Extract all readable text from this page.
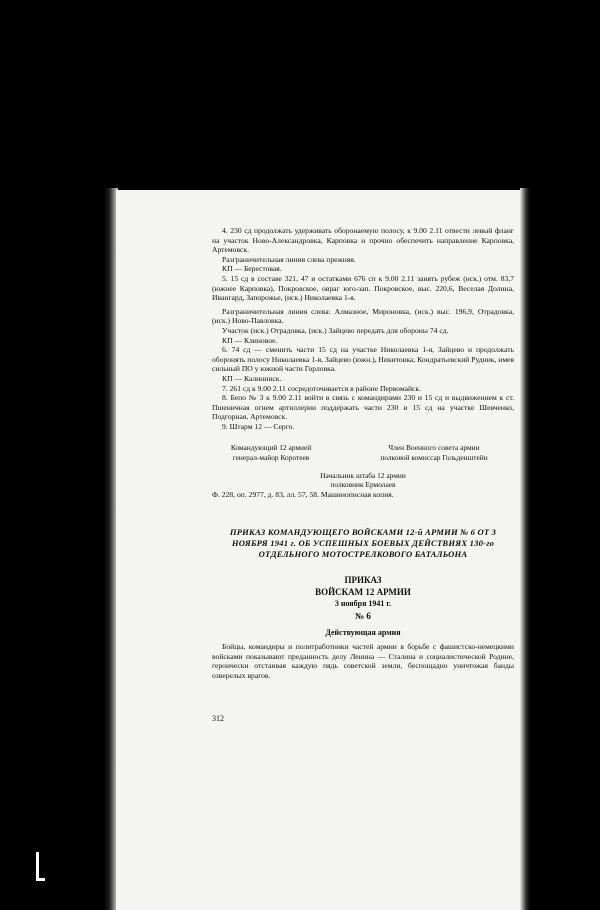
4. 230 сд продолжать удерживать оборонаемую полосу, к 9.00 2.11 отвести левый фланг на участок Ново-Александровка, Карповка и прочно обеспечить направление Карповка, Артемовск.

Разграничительная линия слева прежняя.

КП — Берестовая.

5. 15 сд в составе 321, 47 и остатками 676 сп к 9.00 2.11 занять рубеж (иск.) отм. 83,7 (южнее Карповка), Покровское, овраг юго-зап. Покровское, выс. 220,6, Веселая Долина, Ивангард, Запорожье, (иск.) Николаевка 1-я.

Разграничительная линия слева: Алмазное, Мироновка, (иск.) выс. 196,9, Отрадовка, (иск.) Ново-Павловка.

Участок (иск.) Отрадовка, (иск.) Зайцево передать для обороны 74 сд.

КП — Клиновое.

6. 74 сд — сменить части 15 сд на участке Николаевка 1-я, Зайцево и продолжать оборонять полосу Николаевка 1-я, Зайцево (южн.), Никитовка, Кондратьевский Рудник, имея сильный ПО у южной части Горловка.

КП — Калининск.

7. 261 сд к 9.00 2.11 сосредоточивается в районе Первомайск.

8. Бепо № 3 к 9.00 2.11 войти в связь с командирами 230 и 15 сд и выдвижением к ст. Пшеничная огнем артиллерии поддержать части 230 и 15 сд на участке Шевченко, Подгорная, Артемовск.

9. Штарм 12 — Серго.

Командующий 12 армией
генерал-майор Коротеев
Член Военного совета армии
полковой комиссар Гольденштейн
Начальник штаба 12 армии
полковник Ермолаев

Ф. 228, оп. 2977, д. 83, лл. 57, 58. Машинописная копия.

ПРИКАЗ КОМАНДУЮЩЕГО ВОЙСКАМИ 12-й АРМИИ № 6 ОТ 3 НОЯБРЯ 1941 г. ОБ УСПЕШНЫХ БОЕВЫХ ДЕЙСТВИЯХ 130-го ОТДЕЛЬНОГО МОТОСТРЕЛКОВОГО БАТАЛЬОНА
ПРИКАЗ
ВОЙСКАМ 12 АРМИИ
3 ноября 1941 г.
№ 6
Действующая армия

Бойцы, командиры и политработники частей армии в борьбе с фашистско-немецкими войсками показывают преданность делу Ленина — Сталина и социалистической Родине, героически отстаивая каждую пядь советской земли, беспощадно уничтожая банды озверелых врагов.

312
